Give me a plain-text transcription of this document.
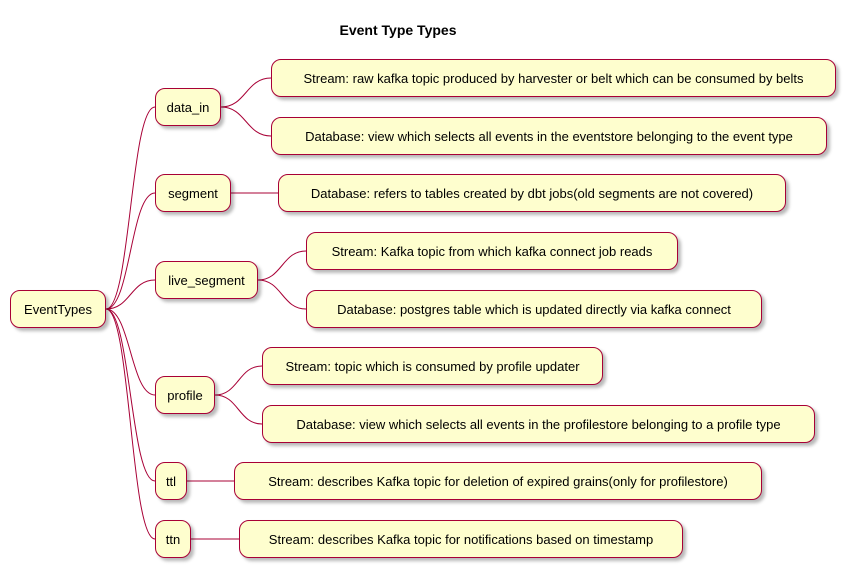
Event Type Types
EventTypes
data_in
segment
live_segment
profile
ttl
ttn
Stream: raw kafka topic produced by harvester or belt which can be consumed by belts
Database: view which selects all events in the eventstore belonging to the event type
Database: refers to tables created by dbt jobs(old segments are not covered)
Stream: Kafka topic from which kafka connect job reads
Database: postgres table which is updated directly via kafka connect
Stream: topic which is consumed by profile updater
Database: view which selects all events in the profilestore belonging to a profile type
Stream: describes Kafka topic for deletion of expired grains(only for profilestore)
Stream: describes Kafka topic for notifications based on timestamp
